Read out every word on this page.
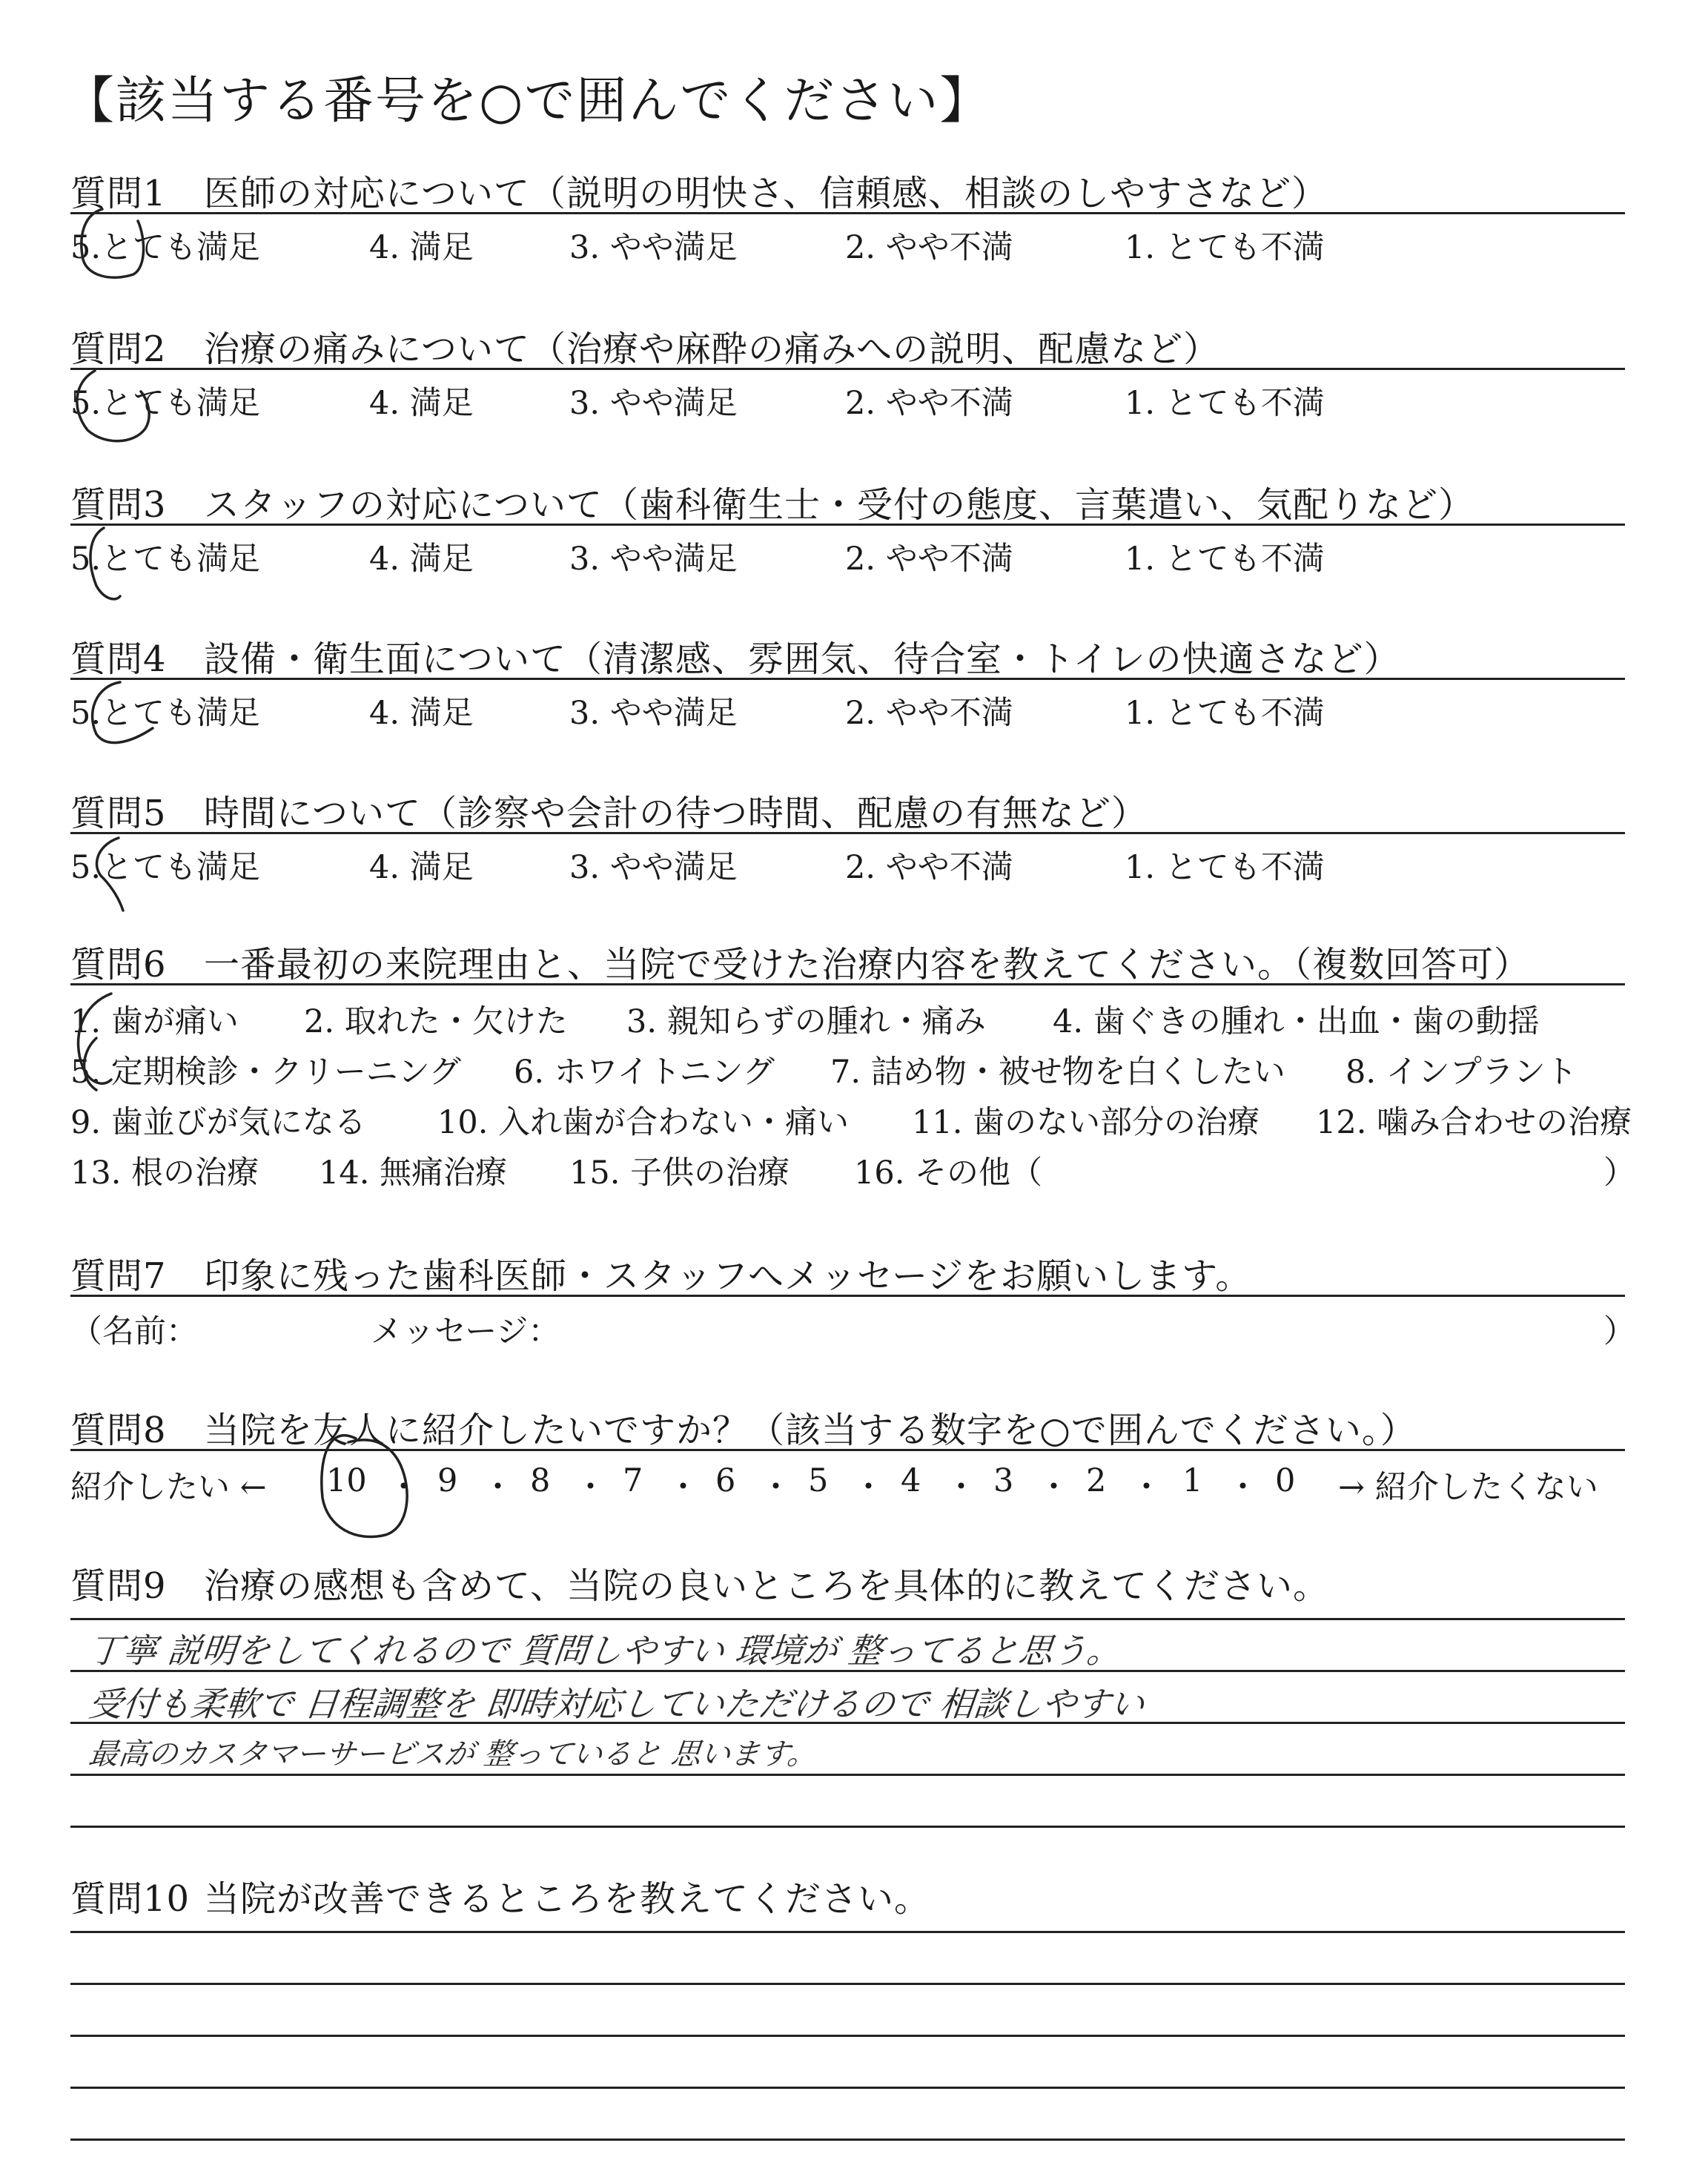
【該当する番号を○で囲んでください】
質問1 医師の対応について（説明の明快さ、信頼感、相談のしやすさなど）
5.とても満足	4. 満足	3. やや満足	2. やや不満	1. とても不満
質問2 治療の痛みについて（治療や麻酔の痛みへの説明、配慮など）
5.とても満足	4. 満足	3. やや満足	2. やや不満	1. とても不満
質問3 スタッフの対応について（歯科衛生士・受付の態度、言葉遣い、気配りなど）
5.とても満足	4. 満足	3. やや満足	2. やや不満	1. とても不満
質問4 設備・衛生面について（清潔感、雰囲気、待合室・トイレの快適さなど）
5.とても満足	4. 満足	3. やや満足	2. やや不満	1. とても不満
質問5 時間について（診察や会計の待つ時間、配慮の有無など）
5.とても満足	4. 満足	3. やや満足	2. やや不満	1. とても不満
質問6 一番最初の来院理由と、当院で受けた治療内容を教えてください。（複数回答可）
1. 歯が痛い 2. 取れた・欠けた 3. 親知らずの腫れ・痛み 4. 歯ぐきの腫れ・出血・歯の動揺
5. 定期検診・クリーニング 6. ホワイトニング 7. 詰め物・被せ物を白くしたい 8. インプラント
9. 歯並びが気になる 10. 入れ歯が合わない・痛い 11. 歯のない部分の治療 12. 噛み合わせの治療
13. 根の治療 14. 無痛治療 15. 子供の治療 16. その他（	）
質問7 印象に残った歯科医師・スタッフへメッセージをお願いします。
（名前：	メッセージ：	）
質問8 当院を友人に紹介したいですか？（該当する数字を○で囲んでください。）
紹介したい ← 10 ・ 9 ・ 8 ・ 7 ・ 6 ・ 5 ・ 4 ・ 3 ・ 2 ・ 1 ・ 0 → 紹介したくない
質問9 治療の感想も含めて、当院の良いところを具体的に教えてください。
丁寧 説明をしてくれるので 質問しやすい 環境が 整ってると思う。
受付も柔軟で 日程調整を 即時対応していただけるので 相談しやすい
最高のカスタマーサービスが 整っていると 思います。
質問10 当院が改善できるところを教えてください。
